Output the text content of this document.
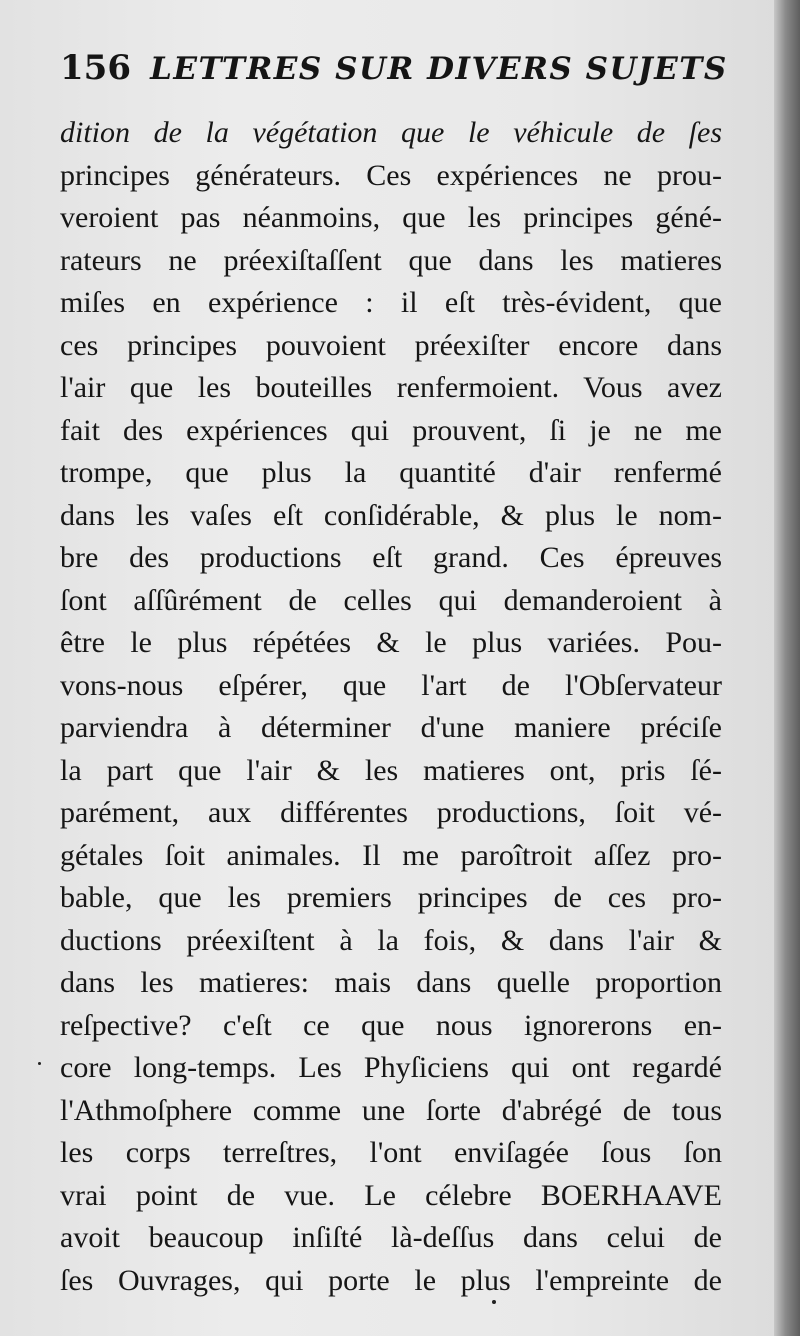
156 LETTRES SUR DIVERS SUJETS
dition de la végétation que le véhicule de ſes
principes générateurs. Ces expériences ne prou-
veroient pas néanmoins, que les principes géné-
rateurs ne préexiſtaſſent que dans les matieres
miſes en expérience : il eſt très-évident, que
ces principes pouvoient préexiſter encore dans
l'air que les bouteilles renfermoient. Vous avez
fait des expériences qui prouvent, ſi je ne me
trompe, que plus la quantité d'air renfermé
dans les vaſes eſt conſidérable, & plus le nom-
bre des productions eſt grand. Ces épreuves
ſont aſſûrément de celles qui demanderoient à
être le plus répétées & le plus variées. Pou-
vons-nous eſpérer, que l'art de l'Obſervateur
parviendra à déterminer d'une maniere préciſe
la part que l'air & les matieres ont, pris ſé-
parément, aux différentes productions, ſoit vé-
gétales ſoit animales. Il me paroîtroit aſſez pro-
bable, que les premiers principes de ces pro-
ductions préexiſtent à la fois, & dans l'air &
dans les matieres: mais dans quelle proportion
reſpective? c'eſt ce que nous ignorerons en-
core long-temps. Les Phyſiciens qui ont regardé
l'Athmoſphere comme une ſorte d'abrégé de tous
les corps terreſtres, l'ont enviſagée ſous ſon
vrai point de vue. Le célebre BOERHAAVE
avoit beaucoup inſiſté là-deſſus dans celui de
ſes Ouvrages, qui porte le plus l'empreinte de
